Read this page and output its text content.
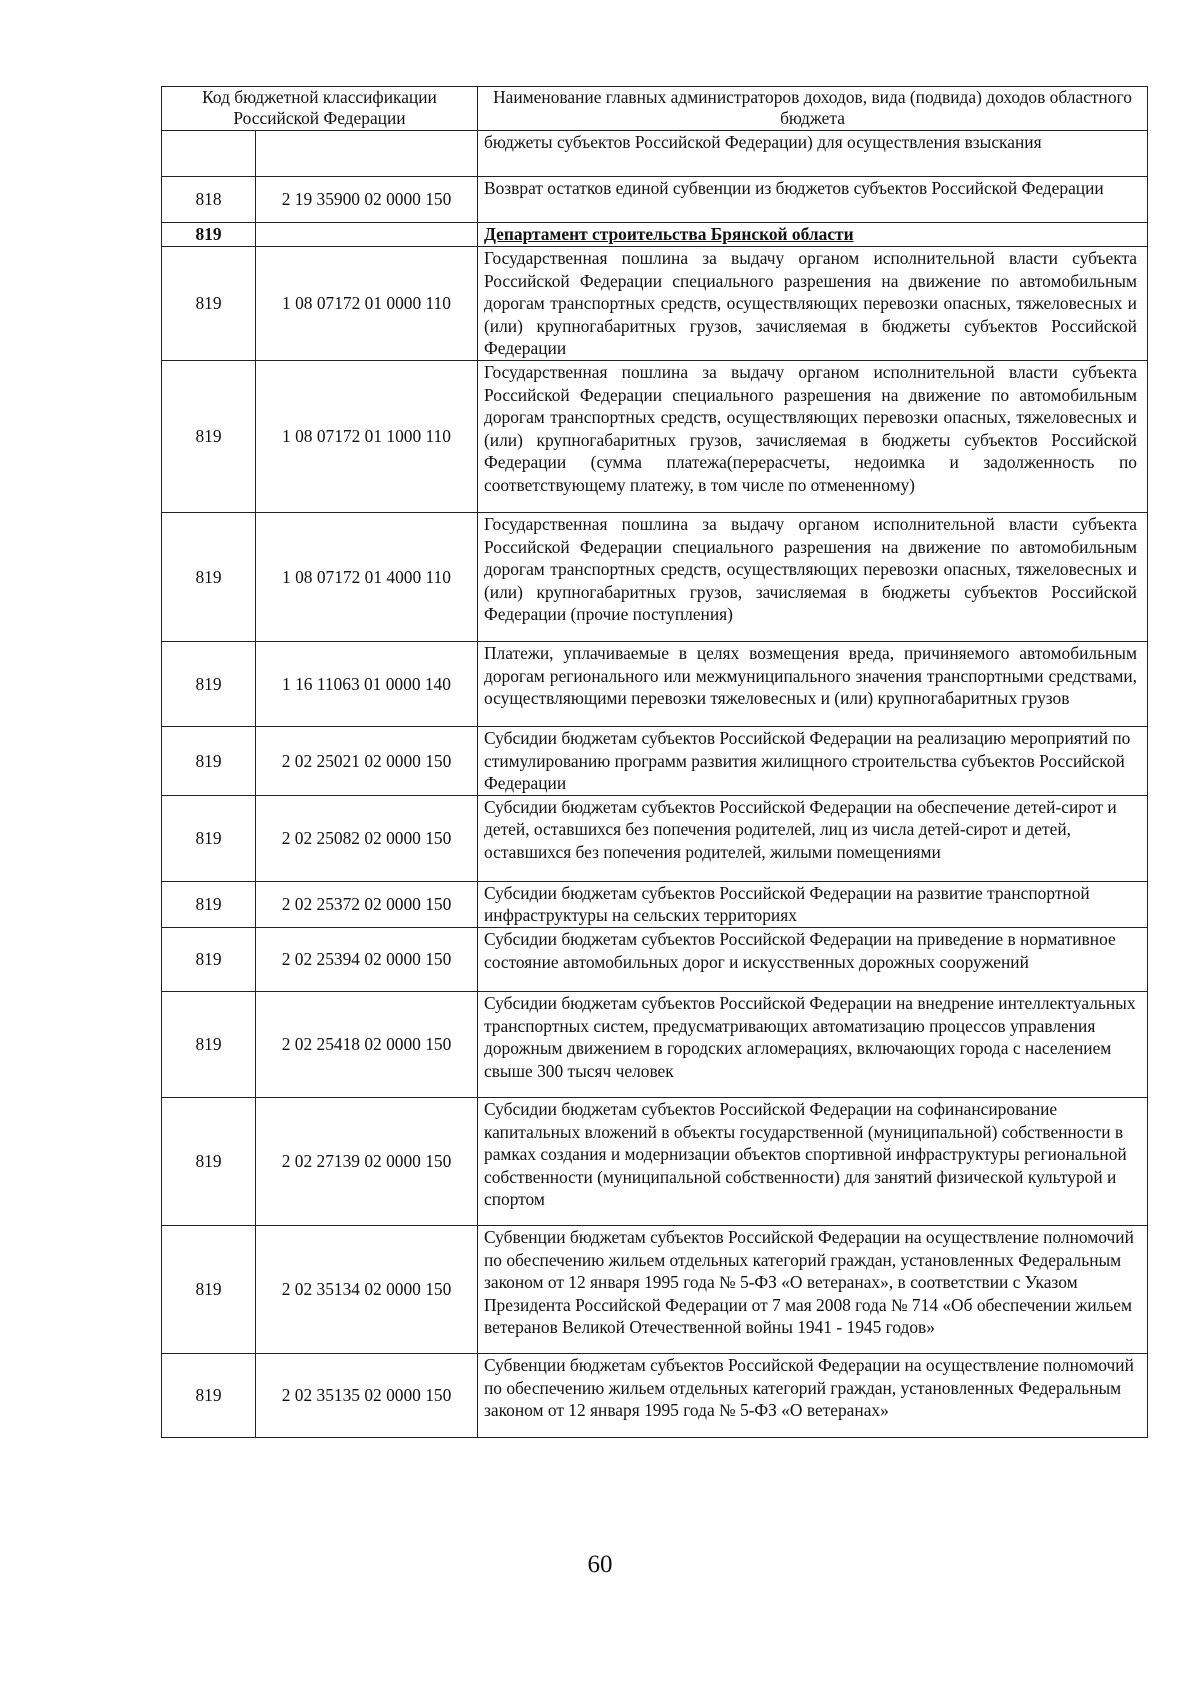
Код бюджетной классификации Российской Федерации		Наименование главных администраторов доходов, вида (подвида) доходов областного бюджета
		бюджеты субъектов Российской Федерации) для осуществления взыскания
818	2 19 35900 02 0000 150	Возврат остатков единой субвенции из бюджетов субъектов Российской Федерации
819		Департамент строительства Брянской области
819	1 08 07172 01 0000 110	Государственная пошлина за выдачу органом исполнительной власти субъекта Российской Федерации специального разрешения на движение по автомобильным дорогам транспортных средств, осуществляющих перевозки опасных, тяжеловесных и (или) крупногабаритных грузов, зачисляемая в бюджеты субъектов Российской Федерации
819	1 08 07172 01 1000 110	Государственная пошлина за выдачу органом исполнительной власти субъекта Российской Федерации специального разрешения на движение по автомобильным дорогам транспортных средств, осуществляющих перевозки опасных, тяжеловесных и (или) крупногабаритных грузов, зачисляемая в бюджеты субъектов Российской Федерации (сумма платежа(перерасчеты, недоимка и задолженность по соответствующему платежу, в том числе по отмененному)
819	1 08 07172 01 4000 110	Государственная пошлина за выдачу органом исполнительной власти субъекта Российской Федерации специального разрешения на движение по автомобильным дорогам транспортных средств, осуществляющих перевозки опасных, тяжеловесных и (или) крупногабаритных грузов, зачисляемая в бюджеты субъектов Российской Федерации (прочие поступления)
819	1 16 11063 01 0000 140	Платежи, уплачиваемые в целях возмещения вреда, причиняемого автомобильным дорогам регионального или межмуниципального значения транспортными средствами, осуществляющими перевозки тяжеловесных и (или) крупногабаритных грузов
819	2 02 25021 02 0000 150	Субсидии бюджетам субъектов Российской Федерации на реализацию мероприятий по стимулированию программ развития жилищного строительства субъектов Российской Федерации
819	2 02 25082 02 0000 150	Субсидии бюджетам субъектов Российской Федерации на обеспечение детей-сирот и детей, оставшихся без попечения родителей, лиц из числа детей-сирот и детей, оставшихся без попечения родителей, жилыми помещениями
819	2 02 25372 02 0000 150	Субсидии бюджетам субъектов Российской Федерации на развитие транспортной инфраструктуры на сельских территориях
819	2 02 25394 02 0000 150	Субсидии бюджетам субъектов Российской Федерации на приведение в нормативное состояние автомобильных дорог и искусственных дорожных сооружений
819	2 02 25418 02 0000 150	Субсидии бюджетам субъектов Российской Федерации на внедрение интеллектуальных транспортных систем, предусматривающих автоматизацию процессов управления дорожным движением в городских агломерациях, включающих города с населением свыше 300 тысяч человек
819	2 02 27139 02 0000 150	Субсидии бюджетам субъектов Российской Федерации на софинансирование капитальных вложений в объекты государственной (муниципальной) собственности в рамках создания и модернизации объектов спортивной инфраструктуры региональной собственности (муниципальной собственности) для занятий физической культурой и спортом
819	2 02 35134 02 0000 150	Субвенции бюджетам субъектов Российской Федерации на осуществление полномочий по обеспечению жильем отдельных категорий граждан, установленных Федеральным законом от 12 января 1995 года № 5-ФЗ «О ветеранах», в соответствии с Указом Президента Российской Федерации от 7 мая 2008 года № 714 «Об обеспечении жильем ветеранов Великой Отечественной войны 1941 - 1945 годов»
819	2 02 35135 02 0000 150	Субвенции бюджетам субъектов Российской Федерации на осуществление полномочий по обеспечению жильем отдельных категорий граждан, установленных Федеральным законом от 12 января 1995 года № 5-ФЗ «О ветеранах»
60
